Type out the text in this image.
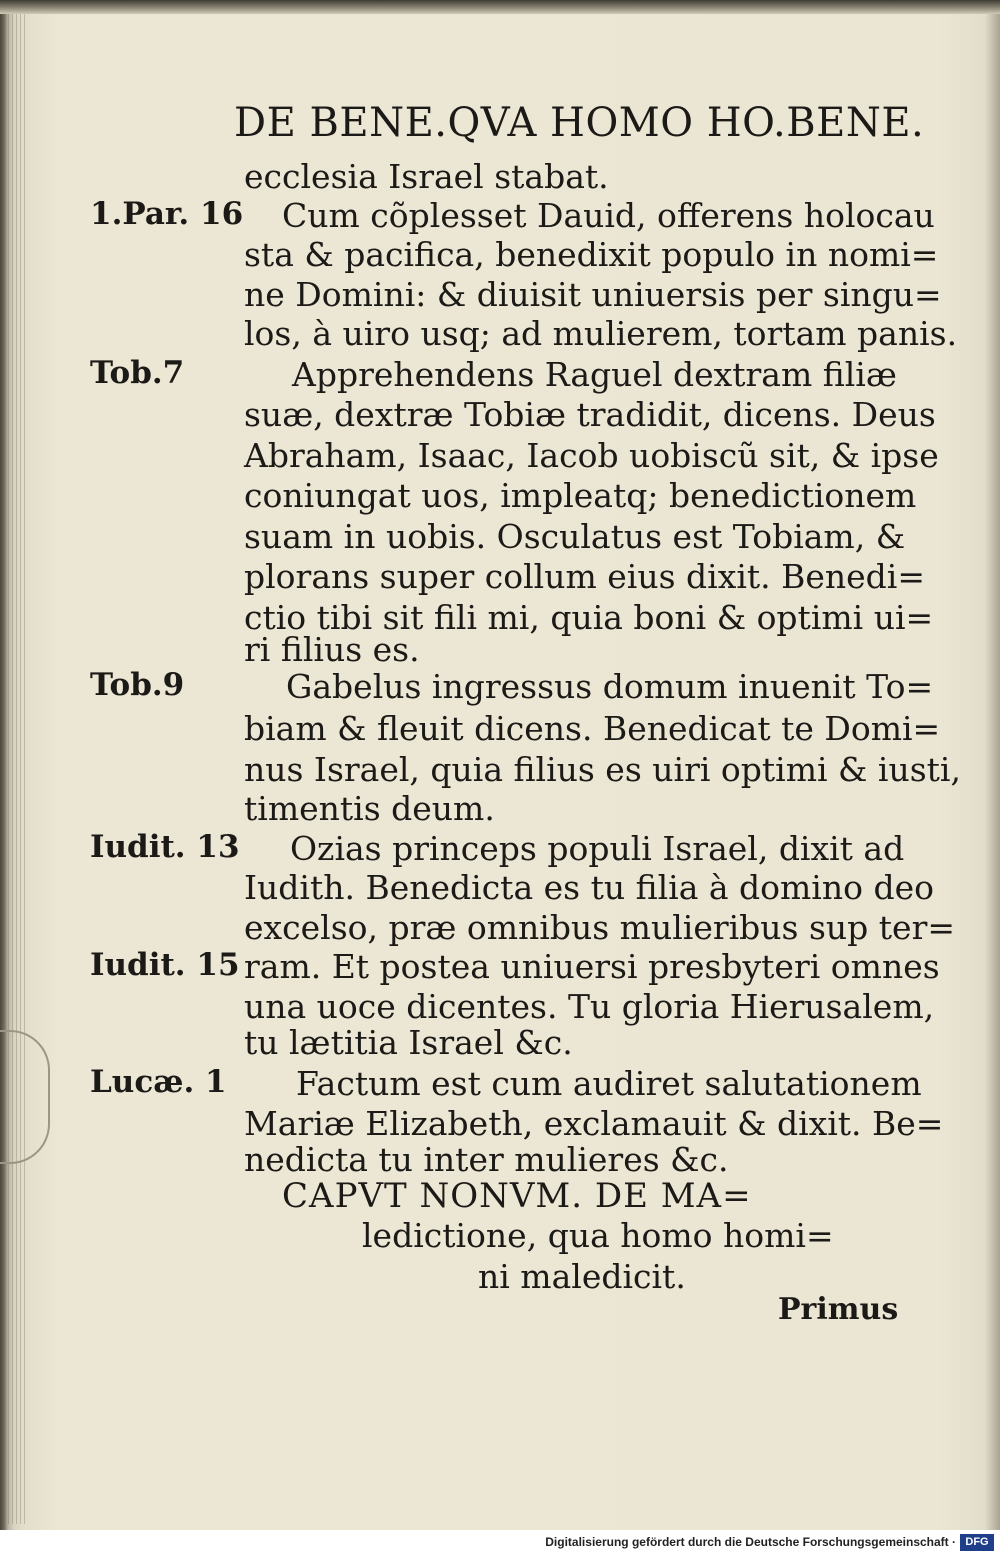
DE BENE.QVA HOMO HO.BENE.
ecclesia Israel stabat.
Cum cõplesset Dauid, offerens holocau
sta & pacifica, benedixit populo in nomi=
ne Domini: & diuisit uniuersis per singu=
los, à uiro usq; ad mulierem, tortam panis.
Apprehendens Raguel dextram filiæ
suæ, dextræ Tobiæ tradidit, dicens. Deus
Abraham, Isaac, Iacob uobiscũ sit, & ipse
coniungat uos, impleatq; benedictionem
suam in uobis. Osculatus est Tobiam, &
plorans super collum eius dixit. Benedi=
ctio tibi sit fili mi, quia boni & optimi ui=
ri filius es.
Gabelus ingressus domum inuenit To=
biam & fleuit dicens. Benedicat te Domi=
nus Israel, quia filius es uiri optimi & iusti,
timentis deum.
Ozias princeps populi Israel, dixit ad
Iudith. Benedicta es tu filia à domino deo
excelso, præ omnibus mulieribus sup ter=
ram. Et postea uniuersi presbyteri omnes
una uoce dicentes. Tu gloria Hierusalem,
tu lætitia Israel &c.
Factum est cum audiret salutationem
Mariæ Elizabeth, exclamauit & dixit. Be=
nedicta tu inter mulieres &c.
1.Par. 16
Tob.7
Tob.9
Iudit. 13
Iudit. 15
Lucæ. 1
CAPVT NONVM. DE MA=
ledictione, qua homo homi=
ni maledicit.
Primus
Digitalisierung gefördert durch die Deutsche Forschungsgemeinschaft · DFG
